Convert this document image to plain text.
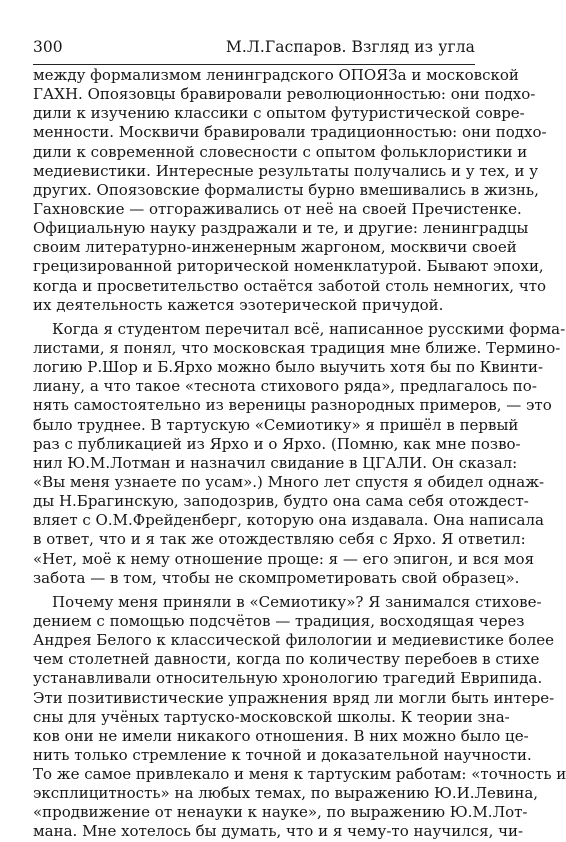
300	М.Л.Гаспаров. Взгляд из угла
между формализмом ленинградского ОПОЯЗа и московской
ГАХН. Опоязовцы бравировали революционностью: они подхо-
дили к изучению классики с опытом футуристической совре-
менности. Москвичи бравировали традиционностью: они подхо-
дили к современной словесности с опытом фольклористики и
медиевистики. Интересные результаты получались и у тех, и у
других. Опоязовские формалисты бурно вмешивались в жизнь,
Гахновские — отгораживались от неё на своей Пречистенке.
Официальную науку раздражали и те, и другие: ленинградцы
своим литературно-инженерным жаргоном, москвичи своей
грецизированной риторической номенклатурой. Бывают эпохи,
когда и просветительство остаётся заботой столь немногих, что
их деятельность кажется эзотерической причудой.
Когда я студентом перечитал всё, написанное русскими форма-
листами, я понял, что московская традиция мне ближе. Термино-
логию Р.Шор и Б.Ярхо можно было выучить хотя бы по Квинти-
лиану, а что такое «теснота стихового ряда», предлагалось по-
нять самостоятельно из вереницы разнородных примеров, — это
было труднее. В тартускую «Семиотику» я пришёл в первый
раз с публикацией из Ярхо и о Ярхо. (Помню, как мне позво-
нил Ю.М.Лотман и назначил свидание в ЦГАЛИ. Он сказал:
«Вы меня узнаете по усам».) Много лет спустя я обидел однаж-
ды Н.Брагинскую, заподозрив, будто она сама себя отождест-
вляет с О.М.Фрейденберг, которую она издавала. Она написала
в ответ, что и я так же отождествляю себя с Ярхо. Я ответил:
«Нет, моё к нему отношение проще: я — его эпигон, и вся моя
забота — в том, чтобы не скомпрометировать свой образец».
Почему меня приняли в «Семиотику»? Я занимался стихове-
дением с помощью подсчётов — традиция, восходящая через
Андрея Белого к классической филологии и медиевистике более
чем столетней давности, когда по количеству перебоев в стихе
устанавливали относительную хронологию трагедий Еврипида.
Эти позитивистические упражнения вряд ли могли быть интере-
сны для учёных тартуско-московской школы. К теории зна-
ков они не имели никакого отношения. В них можно было це-
нить только стремление к точной и доказательной научности.
То же самое привлекало и меня к тартуским работам: «точность и
эксплицитность» на любых темах, по выражению Ю.И.Левина,
«продвижение от ненауки к науке», по выражению Ю.М.Лот-
мана. Мне хотелось бы думать, что и я чему-то научился, чи-
